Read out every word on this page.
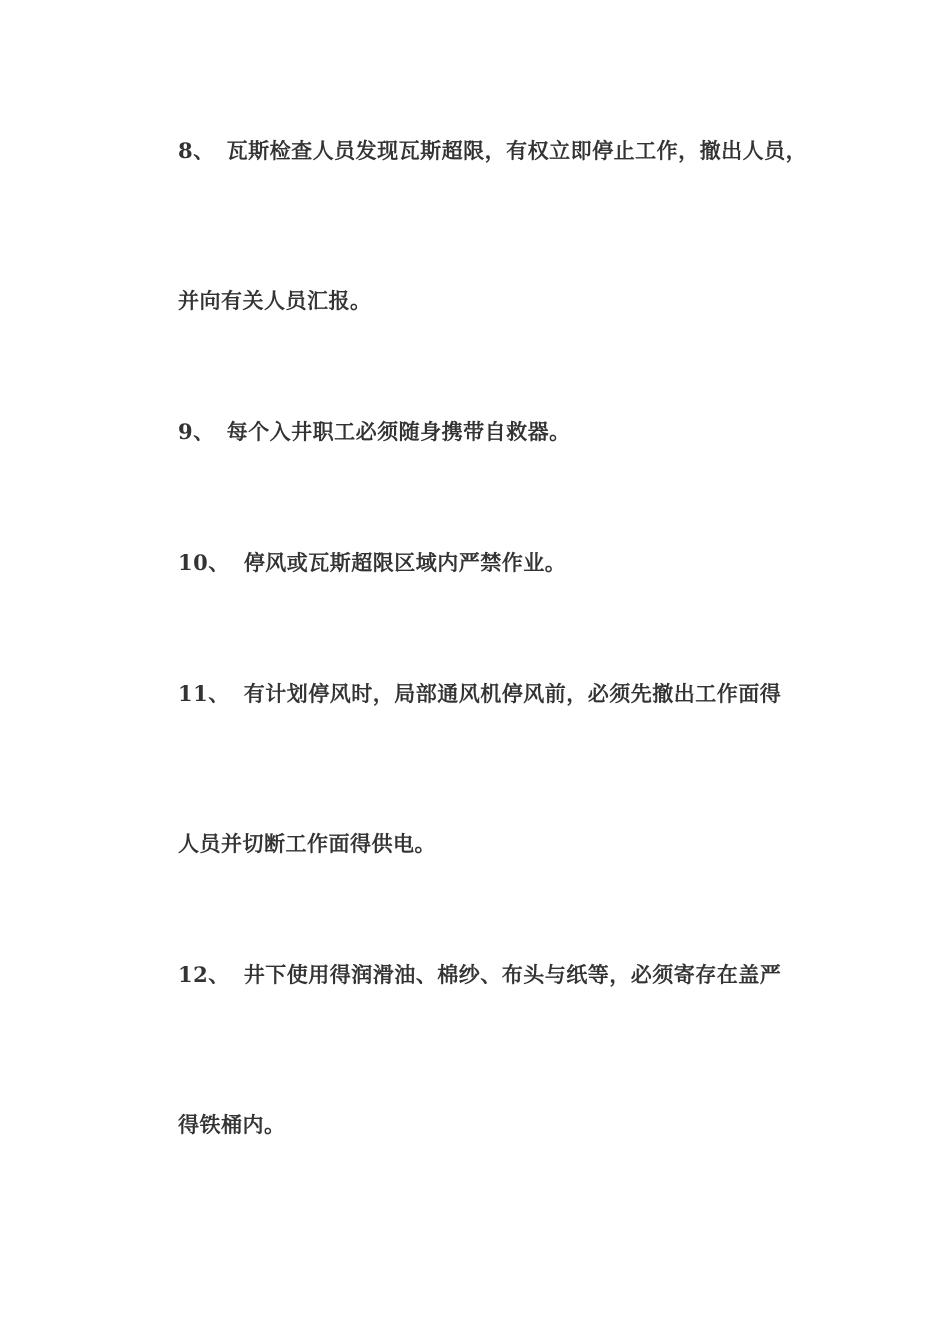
8、 瓦斯检查人员发现瓦斯超限，有权立即停止工作，撤出人员，
并向有关人员汇报。
9、 每个入井职工必须随身携带自救器。
10、 停风或瓦斯超限区域内严禁作业。
11、 有计划停风时，局部通风机停风前，必须先撤出工作面得
人员并切断工作面得供电。
12、 井下使用得润滑油、棉纱、布头与纸等，必须寄存在盖严
得铁桶内。
